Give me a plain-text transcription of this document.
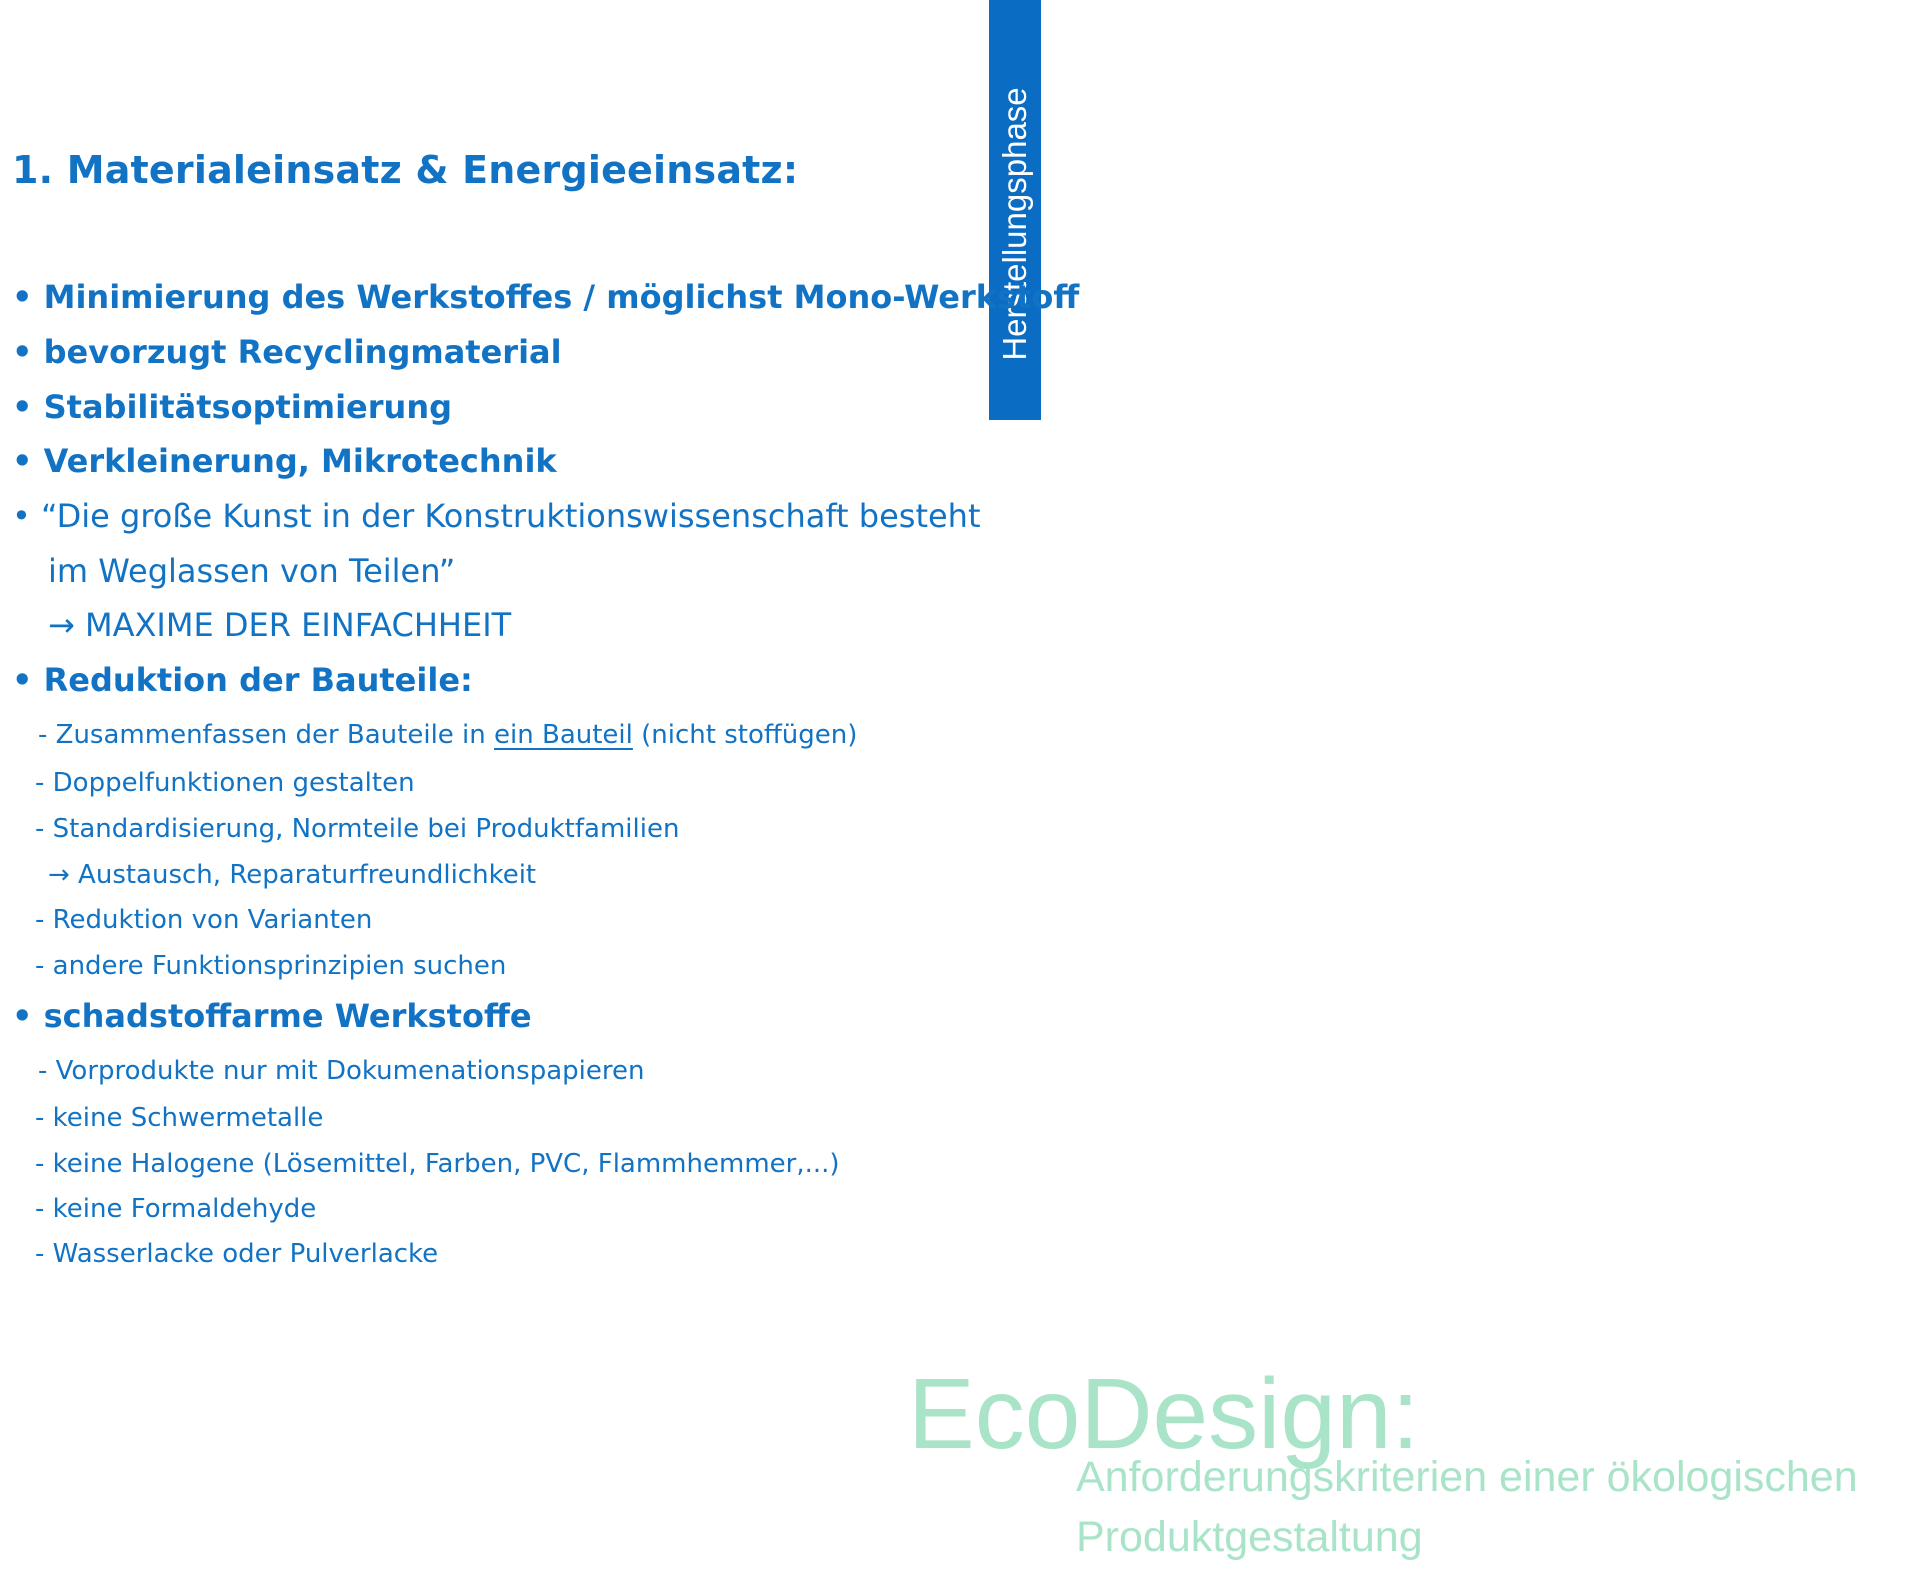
1. Materialeinsatz & Energieeinsatz:	Herstellungsphase
• Minimierung des Werkstoffes / möglichst Mono-Werkstoff
• bevorzugt Recyclingmaterial
• Stabilitätsoptimierung
• Verkleinerung, Mikrotechnik
• “Die große Kunst in der Konstruktionswissenschaft besteht
im Weglassen von Teilen”
→ MAXIME DER EINFACHHEIT
• Reduktion der Bauteile:
- Zusammenfassen der Bauteile in ein Bauteil (nicht stoffügen)
- Doppelfunktionen gestalten
- Standardisierung, Normteile bei Produktfamilien
→ Austausch, Reparaturfreundlichkeit
- Reduktion von Varianten
- andere Funktionsprinzipien suchen
• schadstoffarme Werkstoffe
- Vorprodukte nur mit Dokumenationspapieren
- keine Schwermetalle
- keine Halogene (Lösemittel, Farben, PVC, Flammhemmer,...)
- keine Formaldehyde
- Wasserlacke oder Pulverlacke
EcoDesign:
Anforderungskriterien einer ökologischen
Produktgestaltung
